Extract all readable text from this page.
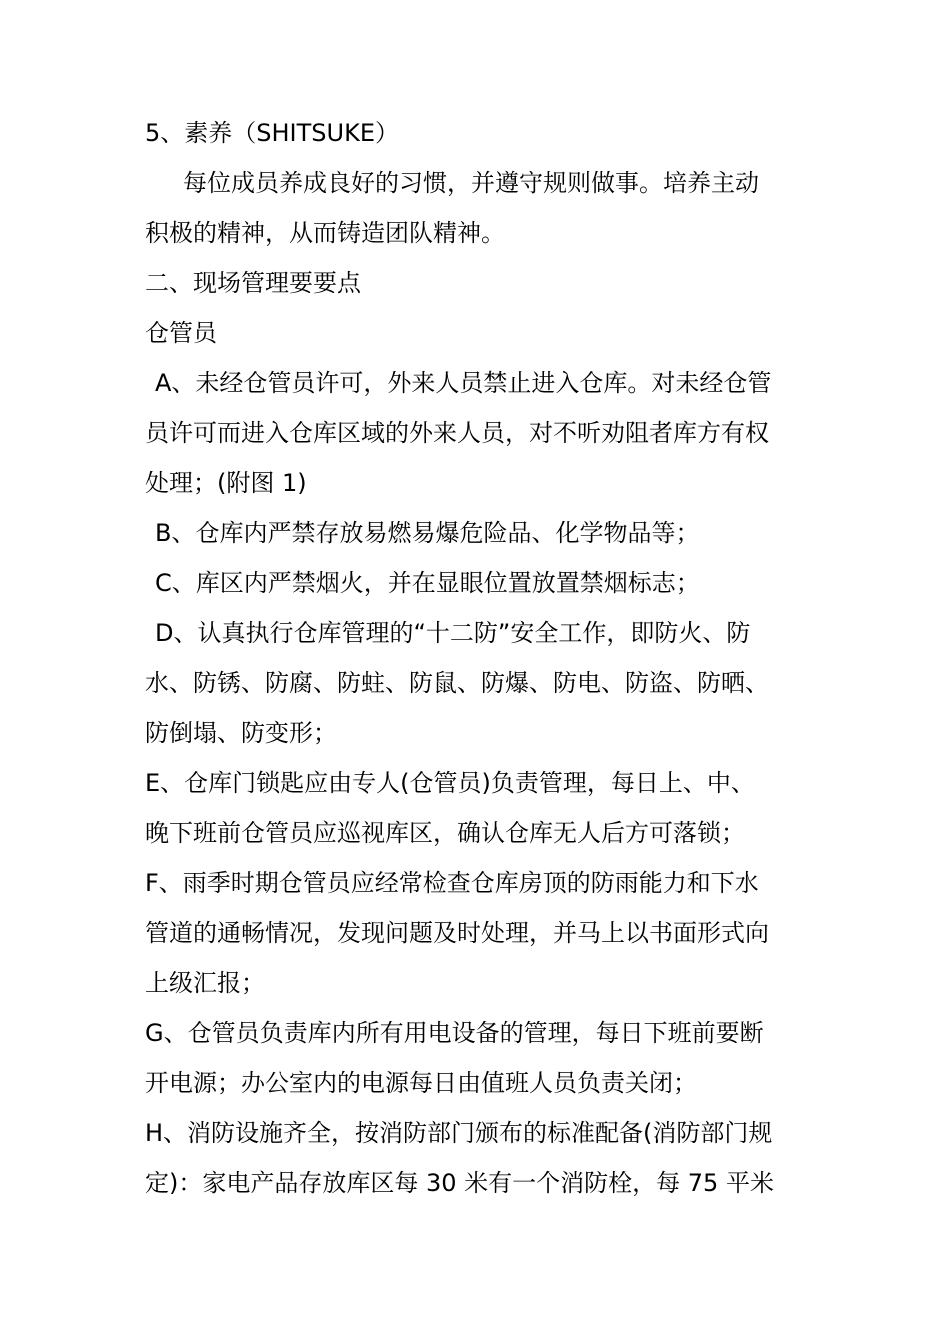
5、素养（SHITSUKE）
每位成员养成良好的习惯，并遵守规则做事。培养主动
积极的精神，从而铸造团队精神。
二、现场管理要要点
仓管员
A、未经仓管员许可，外来人员禁止进入仓库。对未经仓管
员许可而进入仓库区域的外来人员，对不听劝阻者库方有权
处理；(附图 1)
B、仓库内严禁存放易燃易爆危险品、化学物品等；
C、库区内严禁烟火，并在显眼位置放置禁烟标志；
D、认真执行仓库管理的“十二防”安全工作，即防火、防
水、防锈、防腐、防蛀、防鼠、防爆、防电、防盗、防晒、
防倒塌、防变形；
E、仓库门锁匙应由专人(仓管员)负责管理，每日上、中、
晚下班前仓管员应巡视库区，确认仓库无人后方可落锁；
F、雨季时期仓管员应经常检查仓库房顶的防雨能力和下水
管道的通畅情况，发现问题及时处理，并马上以书面形式向
上级汇报；
G、仓管员负责库内所有用电设备的管理，每日下班前要断
开电源；办公室内的电源每日由值班人员负责关闭；
H、消防设施齐全，按消防部门颁布的标准配备(消防部门规
定)：家电产品存放库区每 30 米有一个消防栓，每 75 平米
